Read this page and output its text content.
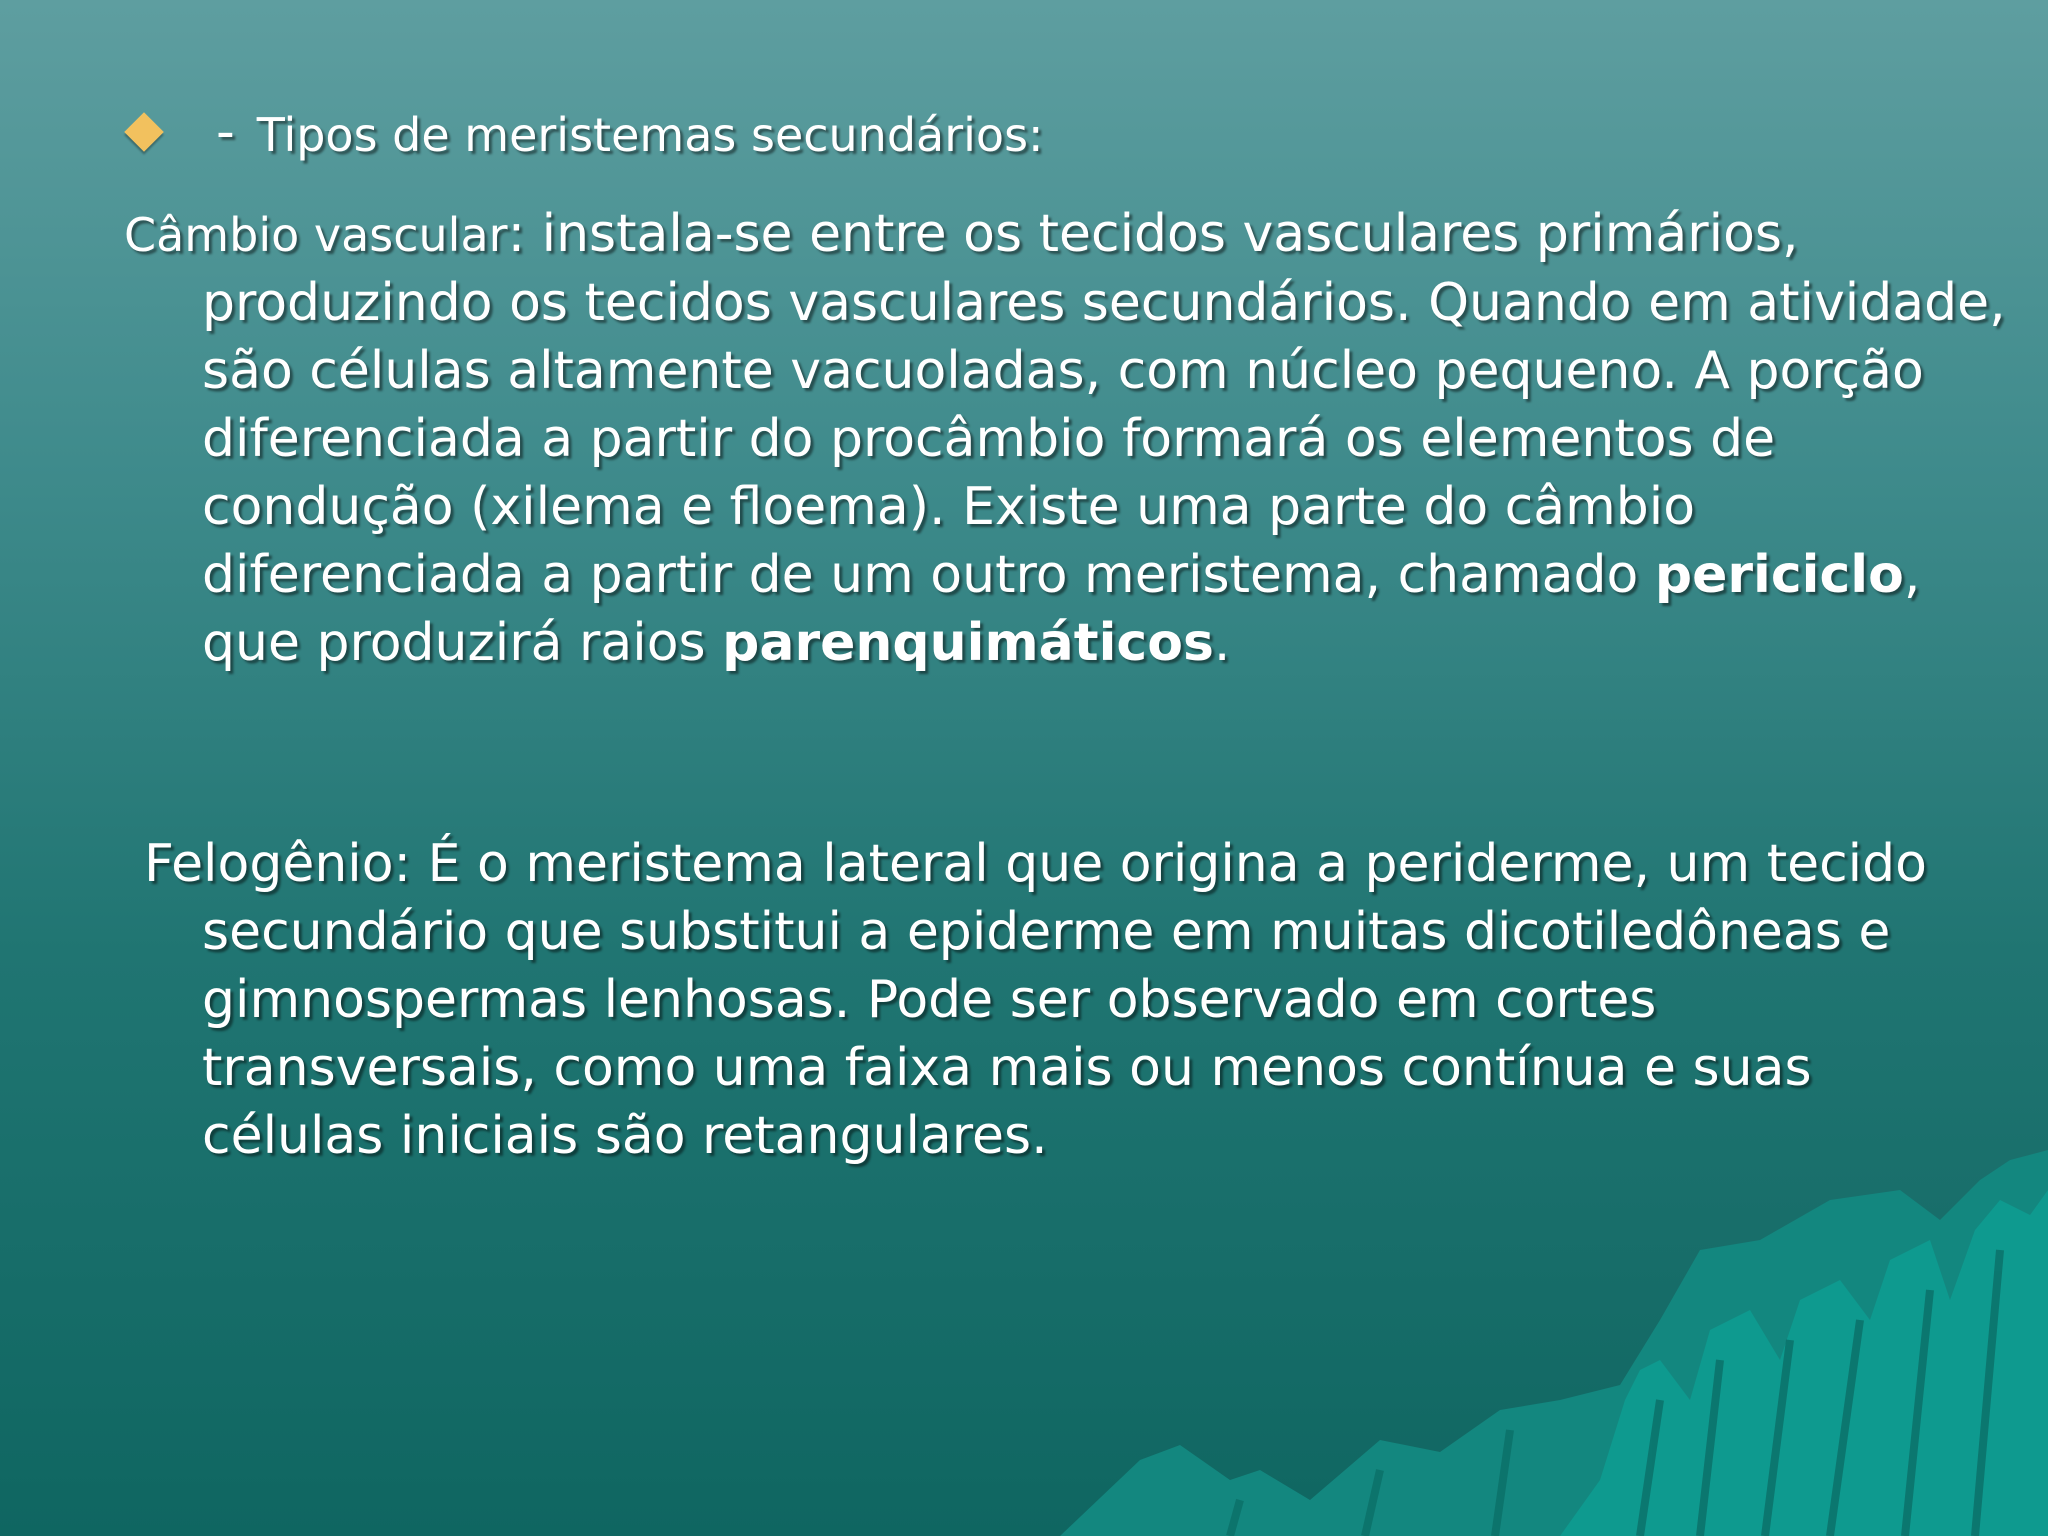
- Tipos de meristemas secundários:

Câmbio vascular: instala-se entre os tecidos vasculares primários, produzindo os tecidos vasculares secundários. Quando em atividade, são células altamente vacuoladas, com núcleo pequeno. A porção diferenciada a partir do procâmbio formará os elementos de condução (xilema e floema). Existe uma parte do câmbio diferenciada a partir de um outro meristema, chamado periciclo, que produzirá raios parenquimáticos.

Felogênio: É o meristema lateral que origina a periderme, um tecido secundário que substitui a epiderme em muitas dicotiledôneas e gimnospermas lenhosas. Pode ser observado em cortes transversais, como uma faixa mais ou menos contínua e suas células iniciais são retangulares.
